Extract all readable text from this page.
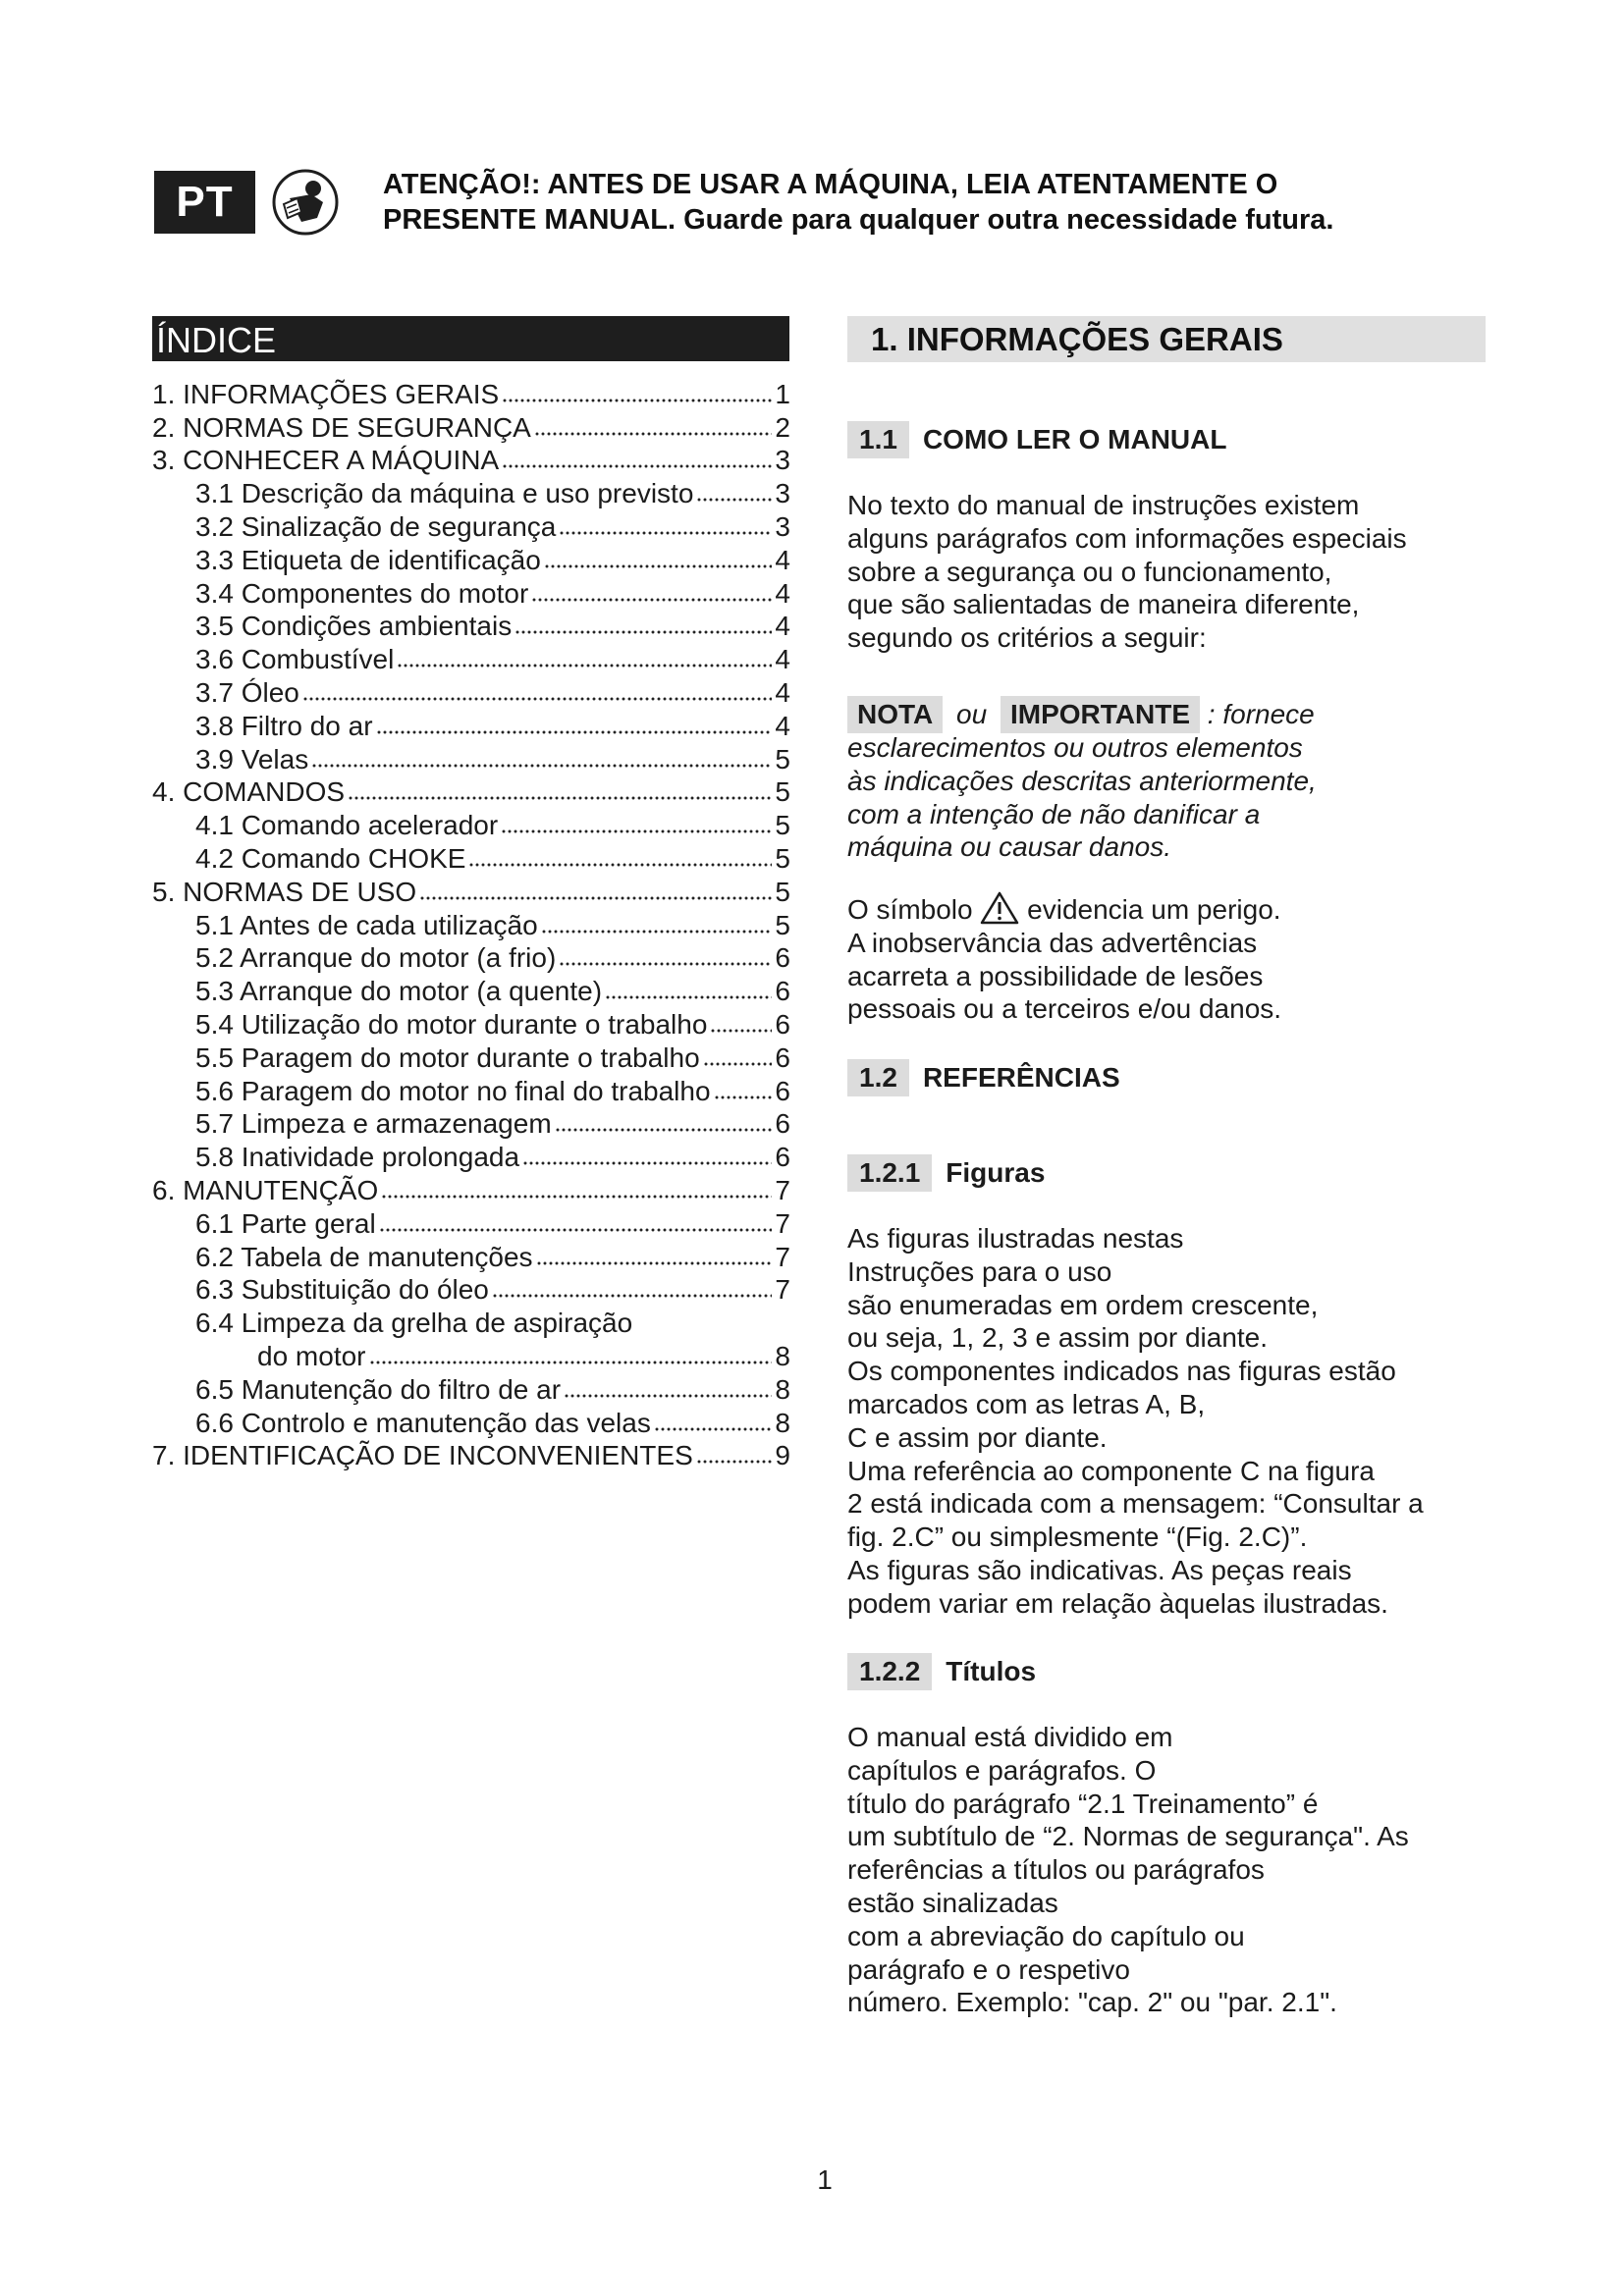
PT	ATENÇÃO!: ANTES DE USAR A MÁQUINA, LEIA ATENTAMENTE O
PRESENTE MANUAL. Guarde para qualquer outra necessidade futura.
ÍNDICE
1. INFORMAÇÕES GERAIS	1
2. NORMAS DE SEGURANÇA	2
3. CONHECER A MÁQUINA	3
3.1 Descrição da máquina e uso previsto	3
3.2 Sinalização de segurança	3
3.3 Etiqueta de identificação	4
3.4 Componentes do motor	4
3.5 Condições ambientais	4
3.6 Combustível	4
3.7 Óleo	4
3.8 Filtro do ar	4
3.9 Velas	5
4. COMANDOS	5
4.1 Comando acelerador	5
4.2 Comando CHOKE	5
5. NORMAS DE USO	5
5.1 Antes de cada utilização	5
5.2 Arranque do motor (a frio)	6
5.3 Arranque do motor (a quente)	6
5.4 Utilização do motor durante o trabalho 6
5.5 Paragem do motor durante o trabalho	6
5.6 Paragem do motor no final do trabalho 6
5.7 Limpeza e armazenagem	6
5.8 Inatividade prolongada	6
6. MANUTENÇÃO	7
6.1 Parte geral	7
6.2 Tabela de manutenções	7
6.3 Substituição do óleo	7
6.4 Limpeza da grelha de aspiração
do motor	8
6.5 Manutenção do filtro de ar	8
6.6 Controlo e manutenção das velas	8
7. IDENTIFICAÇÃO DE INCONVENIENTES	9
1. INFORMAÇÕES GERAIS
1.1 COMO LER O MANUAL
No texto do manual de instruções existem
alguns parágrafos com informações especiais
sobre a segurança ou o funcionamento,
que são salientadas de maneira diferente,
segundo os critérios a seguir:
NOTA ou IMPORTANTE : fornece
esclarecimentos ou outros elementos
às indicações descritas anteriormente,
com a intenção de não danificar a
máquina ou causar danos.
O símbolo evidencia um perigo.
A inobservância das advertências
acarreta a possibilidade de lesões
pessoais ou a terceiros e/ou danos.
1.2 REFERÊNCIAS
1.2.1 Figuras
As figuras ilustradas nestas
Instruções para o uso
são enumeradas em ordem crescente,
ou seja, 1, 2, 3 e assim por diante.
Os componentes indicados nas figuras estão
marcados com as letras A, B,
C e assim por diante.
Uma referência ao componente C na figura
2 está indicada com a mensagem: “Consultar a
fig. 2.C” ou simplesmente “(Fig. 2.C)”.
As figuras são indicativas. As peças reais
podem variar em relação àquelas ilustradas.
1.2.2 Títulos
O manual está dividido em
capítulos e parágrafos. O
título do parágrafo “2.1 Treinamento” é
um subtítulo de “2. Normas de segurança". As
referências a títulos ou parágrafos
estão sinalizadas
com a abreviação do capítulo ou
parágrafo e o respetivo
número. Exemplo: "cap. 2" ou "par. 2.1".
1
